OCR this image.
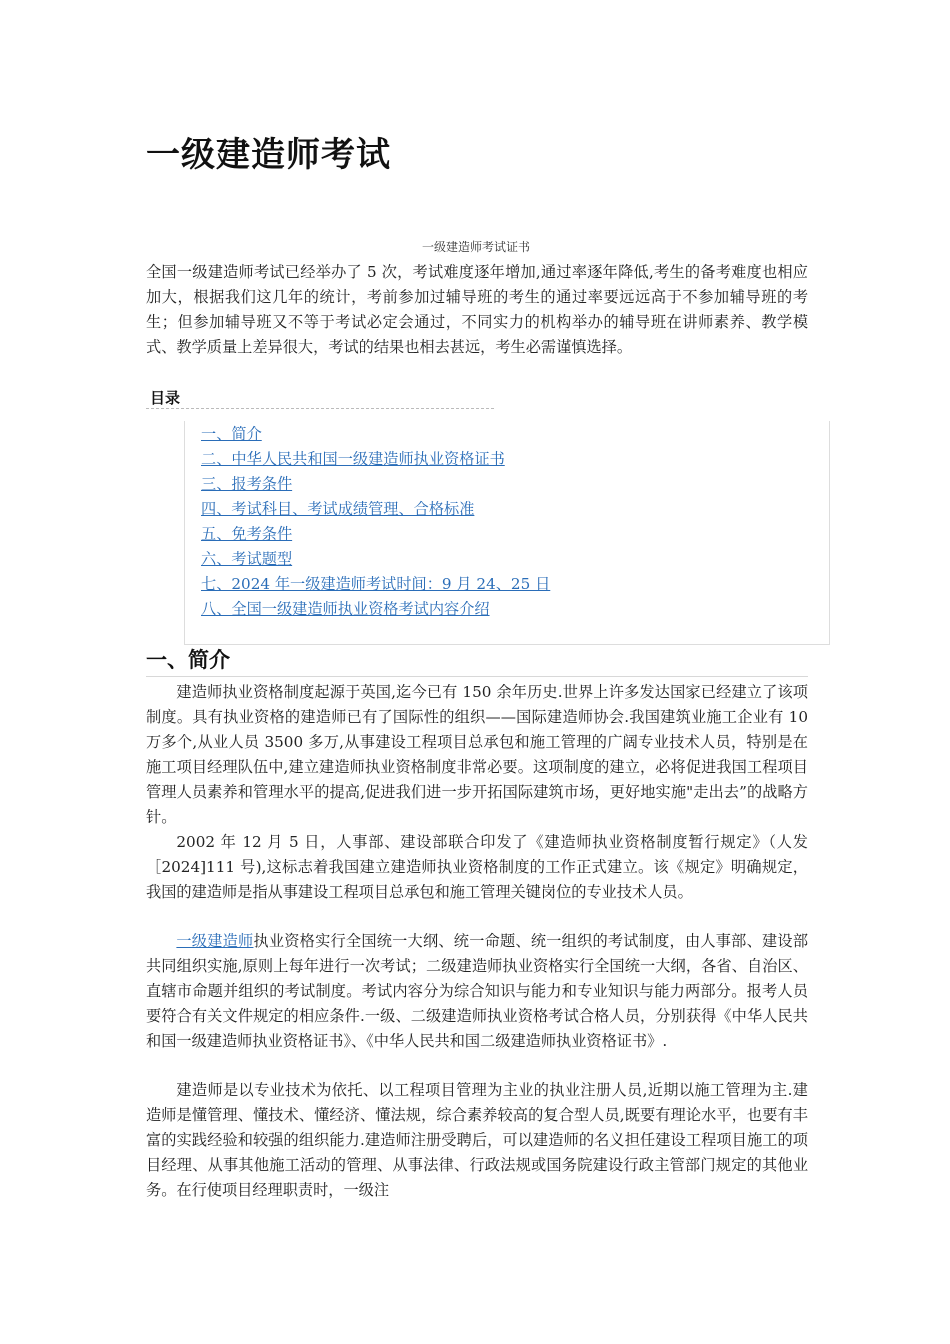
一级建造师考试
一级建造师考试证书

全国一级建造师考试已经举办了 5 次，考试难度逐年增加,通过率逐年降低,考生的备考难度也相应加大，根据我们这几年的统计，考前参加过辅导班的考生的通过率要远远高于不参加辅导班的考生；但参加辅导班又不等于考试必定会通过，不同实力的机构举办的辅导班在讲师素养、教学模式、教学质量上差异很大，考试的结果也相去甚远，考生必需谨慎选择。

目录
一、简介
二、中华人民共和国一级建造师执业资格证书
三、报考条件
四、考试科目、考试成绩管理、合格标准
五、免考条件
六、考试题型
七、2024 年一级建造师考试时间：9 月 24、25 日
八、全国一级建造师执业资格考试内容介绍
一、简介

建造师执业资格制度起源于英国,迄今已有 150 余年历史.世界上许多发达国家已经建立了该项制度。具有执业资格的建造师已有了国际性的组织——国际建造师协会.我国建筑业施工企业有 10 万多个,从业人员 3500 多万,从事建设工程项目总承包和施工管理的广阔专业技术人员，特别是在施工项目经理队伍中,建立建造师执业资格制度非常必要。这项制度的建立，必将促进我国工程项目管理人员素养和管理水平的提高,促进我们进一步开拓国际建筑市场，更好地实施"走出去”的战略方针。

2002 年 12 月 5 日，人事部、建设部联合印发了《建造师执业资格制度暂行规定》（人发［2024]111 号),这标志着我国建立建造师执业资格制度的工作正式建立。该《规定》明确规定，我国的建造师是指从事建设工程项目总承包和施工管理关键岗位的专业技术人员。

一级建造师执业资格实行全国统一大纲、统一命题、统一组织的考试制度，由人事部、建设部共同组织实施,原则上每年进行一次考试；二级建造师执业资格实行全国统一大纲，各省、自治区、直辖市命题并组织的考试制度。考试内容分为综合知识与能力和专业知识与能力两部分。报考人员要符合有关文件规定的相应条件.一级、二级建造师执业资格考试合格人员，分别获得《中华人民共和国一级建造师执业资格证书》、《中华人民共和国二级建造师执业资格证书》.

建造师是以专业技术为依托、以工程项目管理为主业的执业注册人员,近期以施工管理为主.建造师是懂管理、懂技术、懂经济、懂法规，综合素养较高的复合型人员,既要有理论水平，也要有丰富的实践经验和较强的组织能力.建造师注册受聘后，可以建造师的名义担任建设工程项目施工的项目经理、从事其他施工活动的管理、从事法律、行政法规或国务院建设行政主管部门规定的其他业务。在行使项目经理职责时，一级注
